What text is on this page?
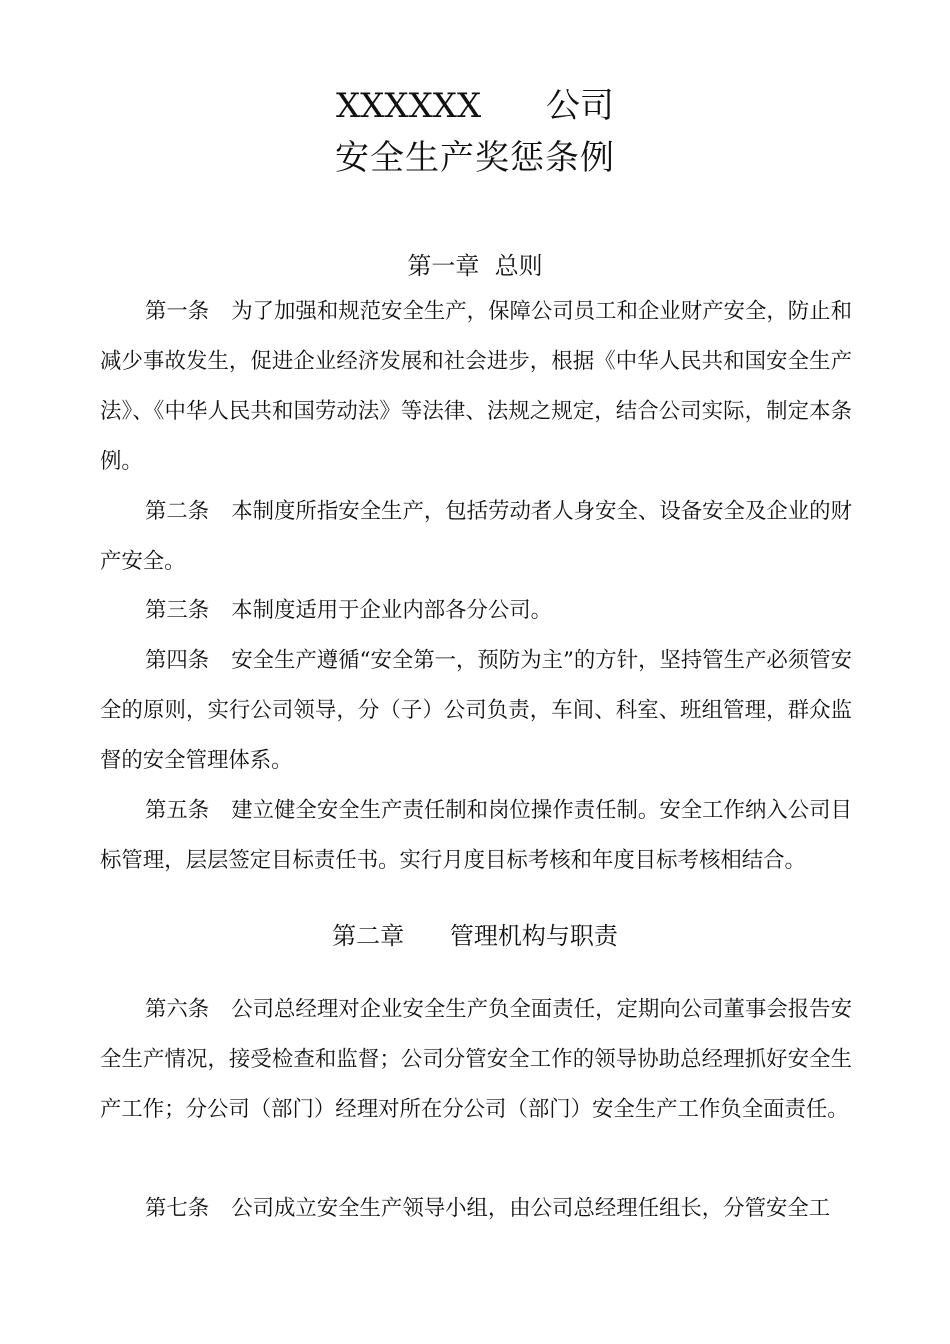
XXXXXX      公司
安全生产奖惩条例
第一章  总则

第一条 为了加强和规范安全生产，保障公司员工和企业财产安全，防止和减少事故发生，促进企业经济发展和社会进步，根据《中华人民共和国安全生产法》、《中华人民共和国劳动法》等法律、法规之规定，结合公司实际，制定本条例。

第二条 本制度所指安全生产，包括劳动者人身安全、设备安全及企业的财产安全。

第三条 本制度适用于企业内部各分公司。

第四条 安全生产遵循“安全第一，预防为主”的方针，坚持管生产必须管安全的原则，实行公司领导，分（子）公司负责，车间、科室、班组管理，群众监督的安全管理体系。

第五条 建立健全安全生产责任制和岗位操作责任制。安全工作纳入公司目标管理，层层签定目标责任书。实行月度目标考核和年度目标考核相结合。

第二章      管理机构与职责

第六条 公司总经理对企业安全生产负全面责任，定期向公司董事会报告安全生产情况，接受检查和监督；公司分管安全工作的领导协助总经理抓好安全生产工作；分公司（部门）经理对所在分公司（部门）安全生产工作负全面责任。

第七条 公司成立安全生产领导小组，由公司总经理任组长，分管安全工
